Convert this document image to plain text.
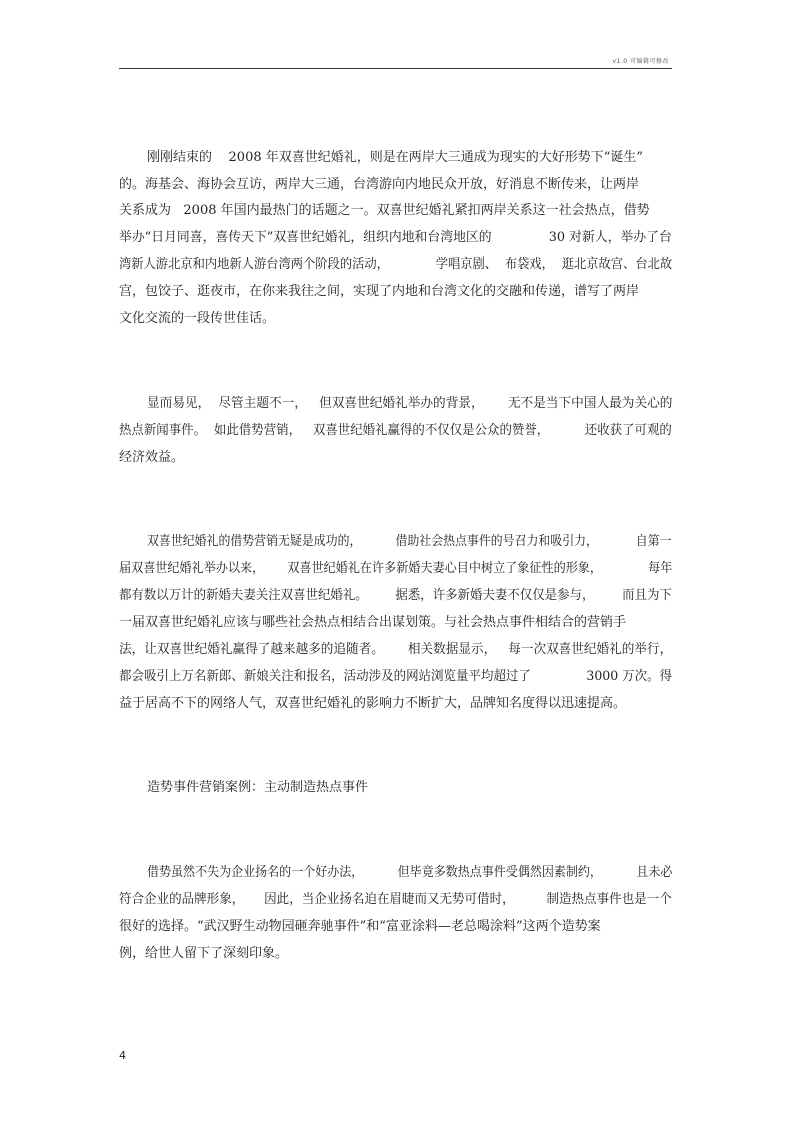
v1.0 可编辑可修改
刚刚结束的    2008 年双喜世纪婚礼，则是在两岸大三通成为现实的大好形势下“诞生”
的。海基会、海协会互访，两岸大三通，台湾游向内地民众开放，好消息不断传来，让两岸
关系成为   2008 年国内最热门的话题之一。双喜世纪婚礼紧扣两岸关系这一社会热点，借势
举办“日月同喜，喜传天下”双喜世纪婚礼，组织内地和台湾地区的              30 对新人，举办了台
湾新人游北京和内地新人游台湾两个阶段的活动，            学唱京剧、  布袋戏，  逛北京故宫、台北故
宫，包饺子、逛夜市，在你来我往之间，实现了内地和台湾文化的交融和传递，谱写了两岸
文化交流的一段传世佳话。
显而易见，  尽管主题不一，   但双喜世纪婚礼举办的背景，      无不是当下中国人最为关心的
热点新闻事件。  如此借势营销，   双喜世纪婚礼赢得的不仅仅是公众的赞誉，         还收获了可观的
经济效益。
双喜世纪婚礼的借势营销无疑是成功的，         借助社会热点事件的号召力和吸引力，          自第一
届双喜世纪婚礼举办以来，      双喜世纪婚礼在许多新婚夫妻心目中树立了象征性的形象，            每年
都有数以万计的新婚夫妻关注双喜世纪婚礼。       据悉，许多新婚夫妻不仅仅是参与，       而且为下
一届双喜世纪婚礼应该与哪些社会热点相结合出谋划策。与社会热点事件相结合的营销手
法，让双喜世纪婚礼赢得了越来越多的追随者。      相关数据显示，   每一次双喜世纪婚礼的举行，
都会吸引上万名新郎、新娘关注和报名，活动涉及的网站浏览量平均超过了              3000 万次。得
益于居高不下的网络人气，双喜世纪婚礼的影响力不断扩大，品牌知名度得以迅速提高。
造势事件营销案例：主动制造热点事件
借势虽然不失为企业扬名的一个好办法，         但毕竟多数热点事件受偶然因素制约，         且未必
符合企业的品牌形象，     因此，当企业扬名迫在眉睫而又无势可借时，        制造热点事件也是一个
很好的选择。“武汉野生动物园砸奔驰事件”和“富亚涂料—老总喝涂料”这两个造势案
例，给世人留下了深刻印象。
4
